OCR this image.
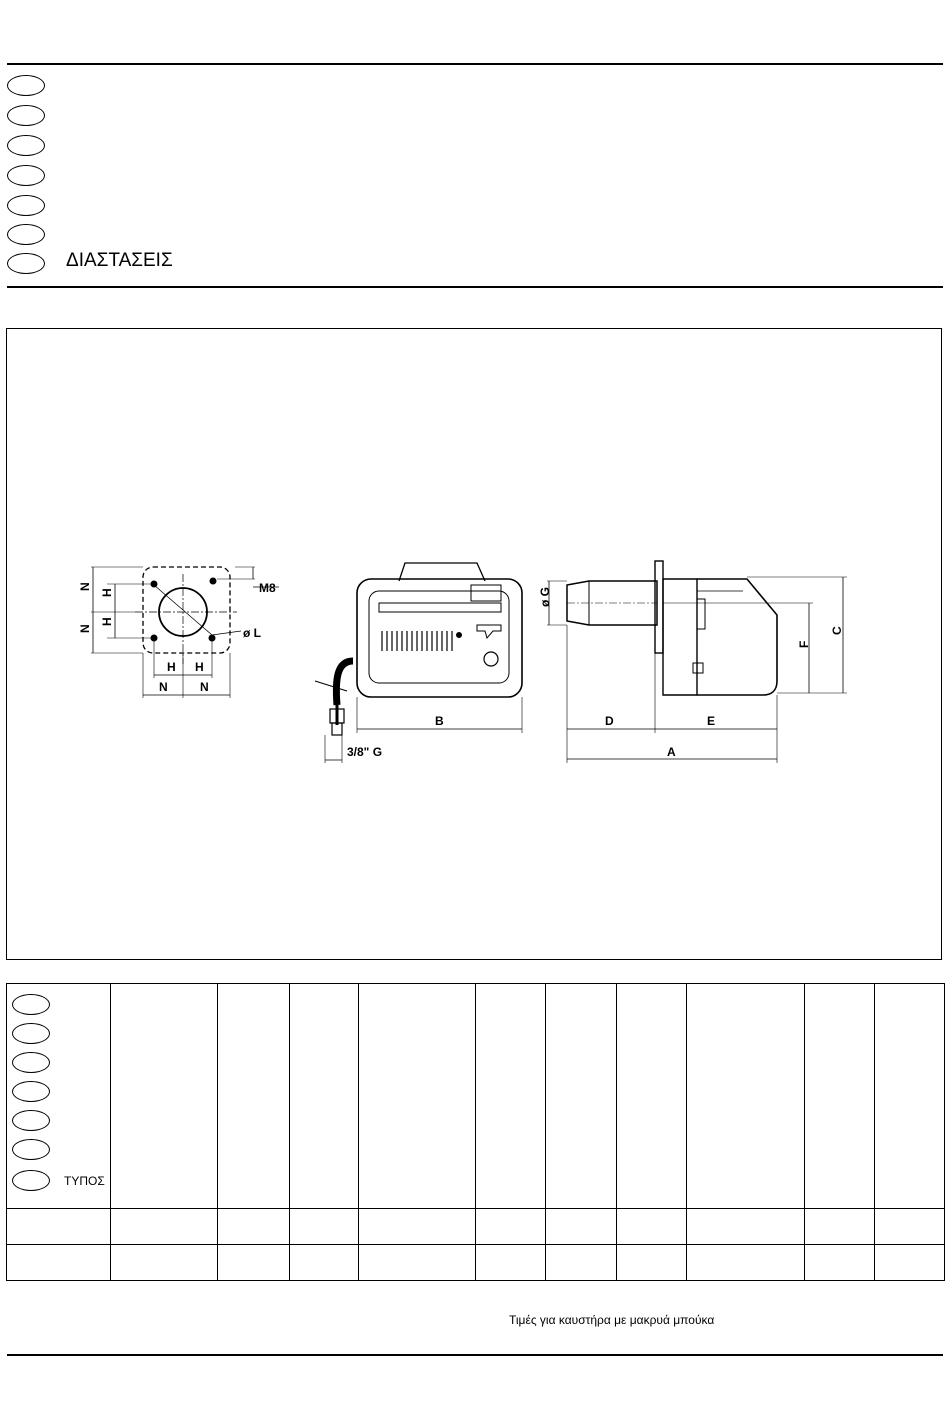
ΔΙΑΣΤΑΣΕΙΣ
N
N
H
H
H H
N	N
M8
ø L
B
3/8" G
ø G
C
F
D	E
A
ΤΥΠΟΣ										

Τιμές για καυστήρα με μακρυά μπούκα
